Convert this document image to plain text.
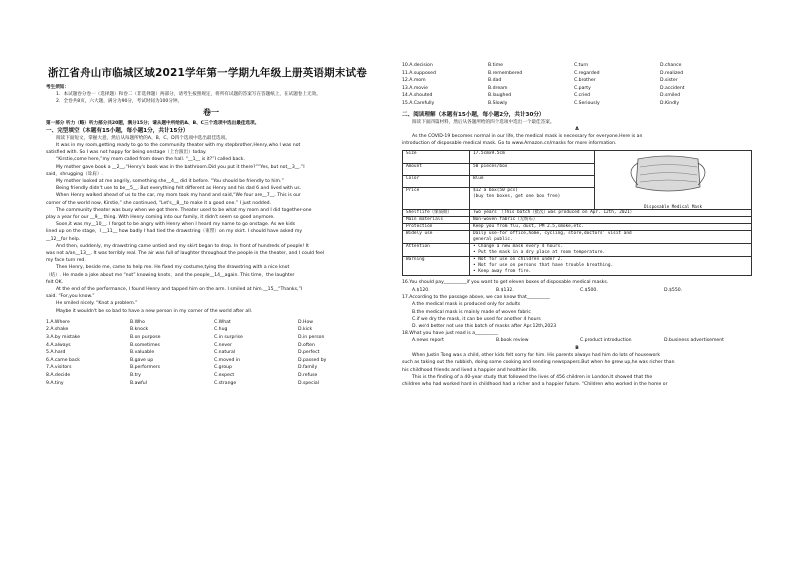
浙江省舟山市临城区域2021学年第一学期九年级上册英语期末试卷
考生须知：
1．本试题卷分卷一（选择题）和卷二（非选择题）两部分，请考生按照规定，将所有试题的答案写在答题纸上，在试题卷上无效。
2．全卷共8页，六大题，满分为90分，考试时间为100分钟。
卷一
第一部分 听力（略）听力部分共20题，满分15分；请从题中所给的A、B、C三个选项中选出最佳选项。
一、完型填空（本题有15小题，每小题1分，共计15分）
阅读下面短文，掌握大意，然后从每题所给的A、B、C、D四个选项中选出最佳选项。
It was in my room,getting ready to go to the community theater with my stepbrother,Henry,who I was not
satisfied with. So I was not happy for being onstage（上台演出）today.
“Kirstie,come here,”my mom called from down the hall. “__1__ is it?”I called back.
My mother gave book a __2__,“Henry's book was in the bathroom.Did you put it there?”“Yes, but not__3__.”I
said，shrugging（耸肩）.
My mother looked at me angrily, something she__4__ did it before. “You should be friendly to him.”
Being friendly didn't use to be__5__. But everything felt different as Henry and his dad 6 and lived with us.
When Henry walked ahead of us to the car, my mom took my hand and said,“We four are__7__. This is our
corner of the world now, Kirstie,” she continued, “Let's__8__to make it a good one.” I just nodded.
The community theater was busy when we got there. Theater used to be what my mom and I did together-one
play a year for our __9__ thing. With Henry coming into our family, it didn't seem so good anymore.
Soon,it was my__10__. I forgot to be angry with Henry when I heard my name to go onstage. As we kids
lined up on the stage，I __11__ how badly I had tied the drawstring（束带）on my skirt. I should have asked my
__12__for help.
And then, suddenly, my drawstring came untied and my skirt began to drop. In front of hundreds of people! It
was not a/an__13__. It was terribly real. The air was full of laughter throughout the people in the theater, and I could feel
my face turn red.
Then Henry, beside me, came to help me. He fixed my costume,tying the drawstring with a nice knot
（结）. He made a joke about me “not” knowing knots，and the people__14__again. This time，the laughter
felt OK.
At the end of the performance, I found Henry and tapped him on the arm. I smiled at him.__15__“Thanks,”I
said. “For,you know.”
He smiled nicely. “Knot a problem.”
Maybe it wouldn't be so bad to have a new person in my corner of the world after all.
1.A.Where	B.Who	C.What	D.How
2.A.shake	B.knock	C.hug	D.kick
3.A.by mistake	B.on purpose	C.in surprise	D.in person
4.A.always	B.sometimes	C.never	D.often
5.A.hard	B.valuable	C.natural	D.perfect
6.A.came back	B.gave up	C.moved in	D.passed by
7.A.visitors	B.performers	C.group	D.family
8.A.decide	B.try	C.expect	D.refuse
9.A.tiny	B.awful	C.strange	D.special
10.A.decision	B.time	C.turn	D.chance
11.A.supposed	B.remembered	C.regarded	D.realized
12.A.mom	B.dad	C.brother	D.sister
13.A.movie	B.dream	C.party	D.accident
14.A.shouted	B.laughed	C.cried	D.smiled
15.A.Carefully	B.Slowly	C.Seriously	D.Kindly
二、阅读理解（本题有15小题，每小题2分，共计30分）
阅读下面四篇材料，然后从各题所给的四个选项中选出一个最佳答案。
A
As the COVID-19 becomes normal in our life, the medical mask is necessary for everyone.Here is an
introduction of disposable medical mask. Go to www.Amazon.cn/masks for more information.
Size	17.5cmx9.5cm	Disposable Medical Mask

Amount	50 pieces/box	
Color	Blue	
Price	$12 a box(50 pcs)
(buy ten boxes, get one box free)	

Shelflife（保质期）	Two years （This batch（批次）was produced on Apr. 12th, 2021）	
Main materials	Non-woven fabric（无纺布）	
Protection	Keep you from flu, dust, PM 2.5,smoke,etc.	
Widely use	Daily use-for office,home, cycling, store,doctors' visit and
general public.	

Attention	• Change a new mask every 4 hours.
• Put the mask in a dry place at room temperature.	

Warning	• Not for use on children under 2.
• Not for use on persons that have trouble breathing.
• Keep away from fire.	
16.You should pay__________if you want to get eleven boxes of disposable medical masks.
A.$120.	B.$132.	C.$500.	D.$550.
17.According to the passage above, we can know that__________
A.the medical mask is produced only for adults
B.the medical mask is mainly made of woven fabric
C.if we dry the mask, it can be used for another 4 hours
D. we'd better not use this batch of masks after Apr.12th,2023
18.What you have just read is a__________
A.news report	B.book review	C.product introduction	D.business advertisement
B
When Justin Tong was a child, other kids felt sorry for him. His parents always had him do lots of housework
such as taking out the rubbish, doing some cooking and sending newspapers.But when he grew up,he was richer than
his childhood friends and lived a happier and healthier life.
This is the finding of a 40-year study that followed the lives of 456 children in London.It showed that the
children who had worked hard in childhood had a richer and a happier future. “Children who worked in the home or
